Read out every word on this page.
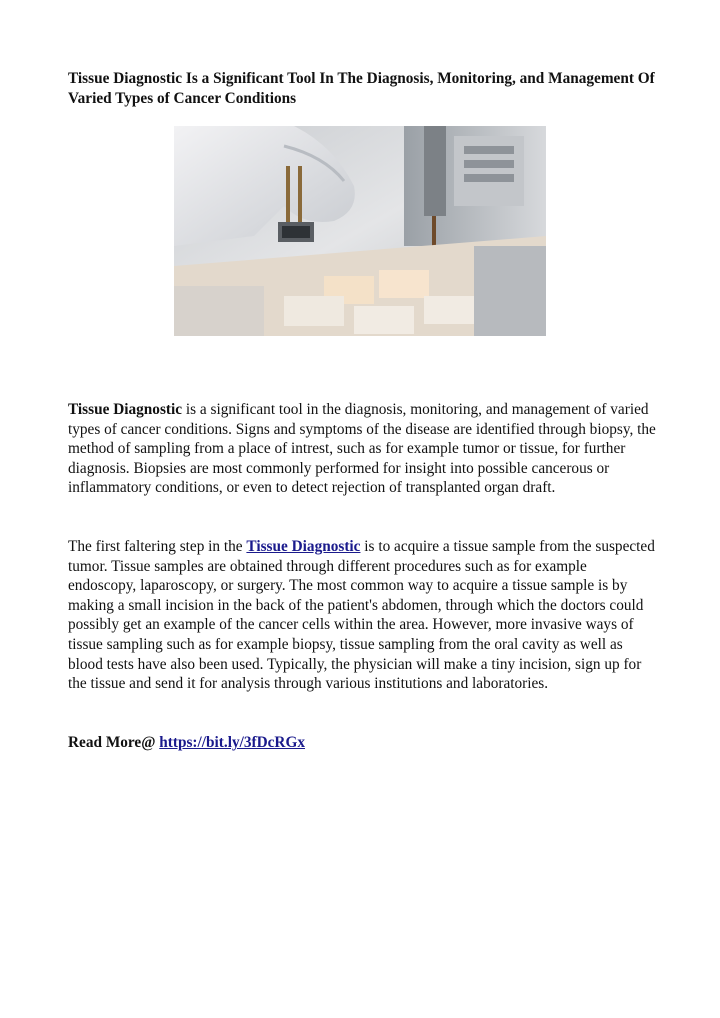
Tissue Diagnostic Is a Significant Tool In The Diagnosis, Monitoring, and Management Of Varied Types of Cancer Conditions

Tissue Diagnostic is a significant tool in the diagnosis, monitoring, and management of varied types of cancer conditions. Signs and symptoms of the disease are identified through biopsy, the method of sampling from a place of intrest, such as for example tumor or tissue, for further diagnosis. Biopsies are most commonly performed for insight into possible cancerous or inflammatory conditions, or even to detect rejection of transplanted organ draft.

The first faltering step in the Tissue Diagnostic is to acquire a tissue sample from the suspected tumor. Tissue samples are obtained through different procedures such as for example endoscopy, laparoscopy, or surgery. The most common way to acquire a tissue sample is by making a small incision in the back of the patient's abdomen, through which the doctors could possibly get an example of the cancer cells within the area. However, more invasive ways of tissue sampling such as for example biopsy, tissue sampling from the oral cavity as well as blood tests have also been used. Typically, the physician will make a tiny incision, sign up for the tissue and send it for analysis through various institutions and laboratories.

Read More@ https://bit.ly/3fDcRGx
